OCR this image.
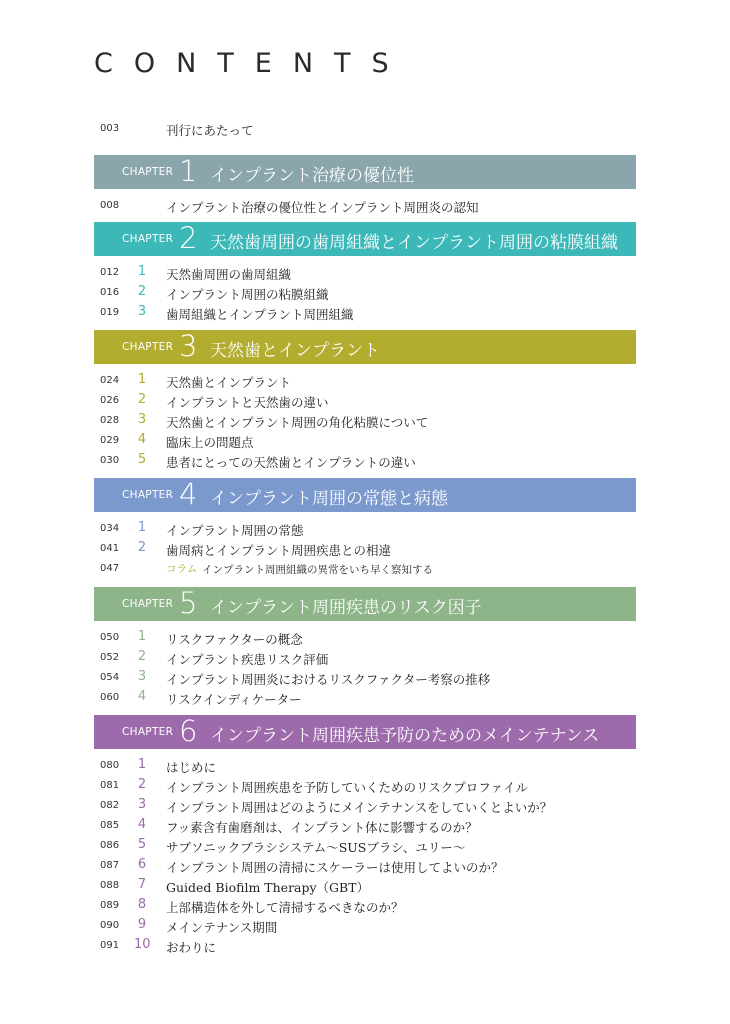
CONTENTS
003	刊行にあたって
CHAPTER 1 インプラント治療の優位性
008	インプラント治療の優位性とインプラント周囲炎の認知
CHAPTER 2 天然歯周囲の歯周組織とインプラント周囲の粘膜組織
012 1	天然歯周囲の歯周組織
016 2	インプラント周囲の粘膜組織
019 3	歯周組織とインプラント周囲組織
CHAPTER 3 天然歯とインプラント
024 1	天然歯とインプラント
026 2	インプラントと天然歯の違い
028 3	天然歯とインプラント周囲の角化粘膜について
029 4	臨床上の問題点
030 5	患者にとっての天然歯とインプラントの違い
CHAPTER 4 インプラント周囲の常態と病態
034 1	インプラント周囲の常態
041 2	歯周病とインプラント周囲疾患との相違
047	コラム インプラント周囲組織の異常をいち早く察知する
CHAPTER 5 インプラント周囲疾患のリスク因子
050 1	リスクファクターの概念
052 2	インプラント疾患リスク評価
054 3	インプラント周囲炎におけるリスクファクター考察の推移
060 4	リスクインディケーター
CHAPTER 6 インプラント周囲疾患予防のためのメインテナンス
080 1	はじめに
081 2	インプラント周囲疾患を予防していくためのリスクプロファイル
082 3	インプラント周囲はどのようにメインテナンスをしていくとよいか？
085 4	フッ素含有歯磨剤は、インプラント体に影響するのか？
086 5	サブソニックブラシシステム～SUSブラシ、ユリー～
087 6	インプラント周囲の清掃にスケーラーは使用してよいのか？
088 7	Guided Biofilm Therapy（GBT）
089 8	上部構造体を外して清掃するべきなのか？
090 9	メインテナンス期間
091 10 おわりに
